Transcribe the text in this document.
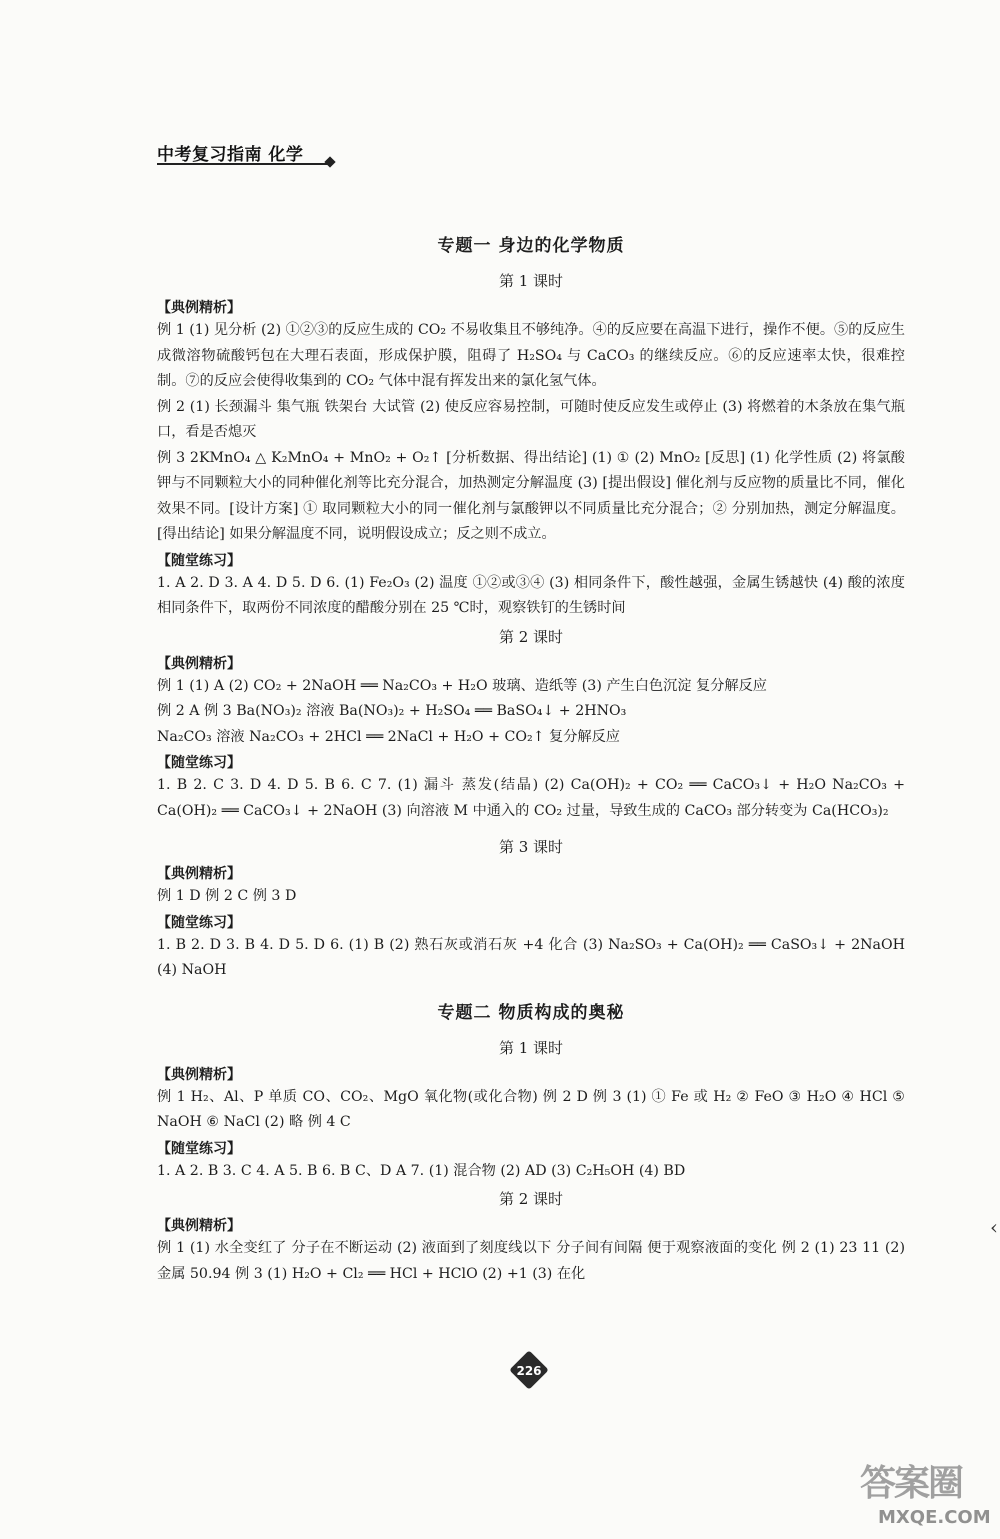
中考复习指南 化学
‹
专题一 身边的化学物质
第 1 课时
【典例精析】

例 1 (1) 见分析 (2) ①②③的反应生成的 CO₂ 不易收集且不够纯净。④的反应要在高温下进行，操作不便。⑤的反应生成微溶物硫酸钙包在大理石表面，形成保护膜，阻碍了 H₂SO₄ 与 CaCO₃ 的继续反应。⑥的反应速率太快，很难控制。⑦的反应会使得收集到的 CO₂ 气体中混有挥发出来的氯化氢气体。

例 2 (1) 长颈漏斗 集气瓶 铁架台 大试管 (2) 使反应容易控制，可随时使反应发生或停止 (3) 将燃着的木条放在集气瓶口，看是否熄灭

例 3 2KMnO₄ △ K₂MnO₄ + MnO₂ + O₂↑ [分析数据、得出结论] (1) ① (2) MnO₂ [反思] (1) 化学性质 (2) 将氯酸钾与不同颗粒大小的同种催化剂等比充分混合，加热测定分解温度 (3) [提出假设] 催化剂与反应物的质量比不同，催化效果不同。[设计方案] ① 取同颗粒大小的同一催化剂与氯酸钾以不同质量比充分混合；② 分别加热，测定分解温度。[得出结论] 如果分解温度不同，说明假设成立；反之则不成立。

【随堂练习】

1. A 2. D 3. A 4. D 5. D 6. (1) Fe₂O₃ (2) 温度 ①②或③④ (3) 相同条件下，酸性越强，金属生锈越快 (4) 酸的浓度 相同条件下，取两份不同浓度的醋酸分别在 25 ℃时，观察铁钉的生锈时间

第 2 课时
【典例精析】

例 1 (1) A (2) CO₂ + 2NaOH ══ Na₂CO₃ + H₂O 玻璃、造纸等 (3) 产生白色沉淀 复分解反应

例 2 A 例 3 Ba(NO₃)₂ 溶液 Ba(NO₃)₂ + H₂SO₄ ══ BaSO₄↓ + 2HNO₃

Na₂CO₃ 溶液 Na₂CO₃ + 2HCl ══ 2NaCl + H₂O + CO₂↑ 复分解反应

【随堂练习】

1. B 2. C 3. D 4. D 5. B 6. C 7. (1) 漏斗 蒸发(结晶) (2) Ca(OH)₂ + CO₂ ══ CaCO₃↓ + H₂O Na₂CO₃ + Ca(OH)₂ ══ CaCO₃↓ + 2NaOH (3) 向溶液 M 中通入的 CO₂ 过量，导致生成的 CaCO₃ 部分转变为 Ca(HCO₃)₂

第 3 课时
【典例精析】

例 1 D 例 2 C 例 3 D

【随堂练习】

1. B 2. D 3. B 4. D 5. D 6. (1) B (2) 熟石灰或消石灰 +4 化合 (3) Na₂SO₃ + Ca(OH)₂ ══ CaSO₃↓ + 2NaOH (4) NaOH

专题二 物质构成的奥秘
第 1 课时
【典例精析】

例 1 H₂、Al、P 单质 CO、CO₂、MgO 氧化物(或化合物) 例 2 D 例 3 (1) ① Fe 或 H₂ ② FeO ③ H₂O ④ HCl ⑤ NaOH ⑥ NaCl (2) 略 例 4 C

【随堂练习】

1. A 2. B 3. C 4. A 5. B 6. B C、D A 7. (1) 混合物 (2) AD (3) C₂H₅OH (4) BD

第 2 课时
【典例精析】

例 1 (1) 水全变红了 分子在不断运动 (2) 液面到了刻度线以下 分子间有间隔 便于观察液面的变化 例 2 (1) 23 11 (2) 金属 50.94 例 3 (1) H₂O + Cl₂ ══ HCl + HClO (2) +1 (3) 在化

226
答案圈
MXQE.COM
